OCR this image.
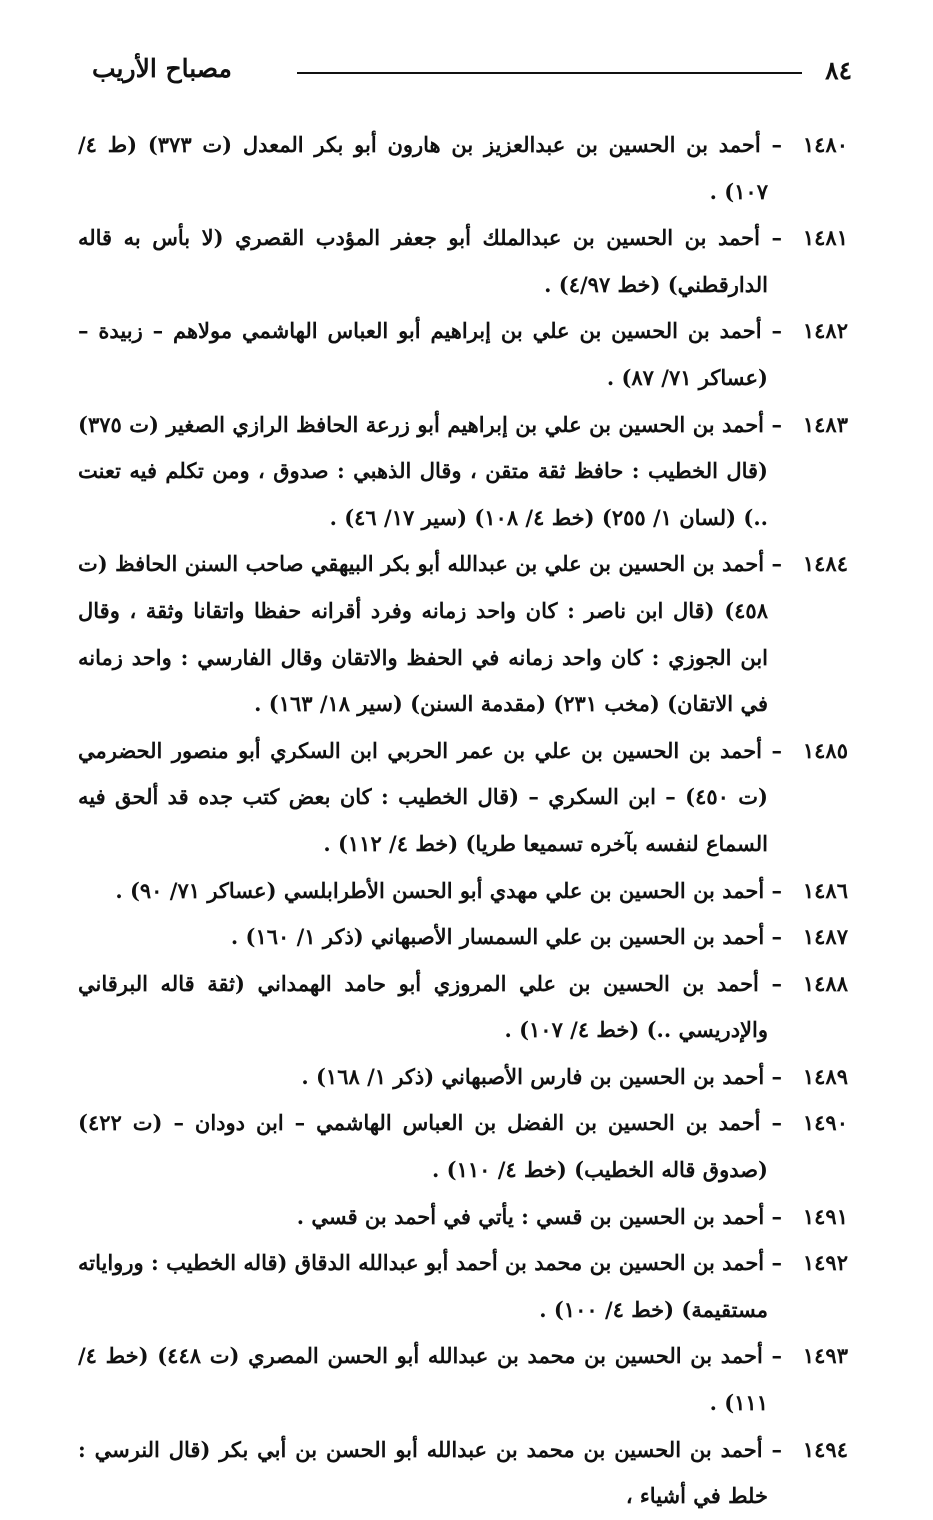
٨٤
مصباح الأريب

١٤٨٠– أحمد بن الحسين بن عبدالعزيز بن هارون أبو بكر المعدل (ت ٣٧٣) (ط ٤/ ١٠٧) .

١٤٨١– أحمد بن الحسين بن عبدالملك أبو جعفر المؤدب القصري (لا بأس به قاله الدارقطني) (خط ٤/٩٧) .

١٤٨٢– أحمد بن الحسين بن علي بن إبراهيم أبو العباس الهاشمي مولاهم – زبيدة – (عساكر ٧١/ ٨٧) .

١٤٨٣– أحمد بن الحسين بن علي بن إبراهيم أبو زرعة الحافظ الرازي الصغير (ت ٣٧٥) (قال الخطيب : حافظ ثقة متقن ، وقال الذهبي : صدوق ، ومن تكلم فيه تعنت ..) (لسان ١/ ٢٥٥) (خط ٤/ ١٠٨) (سير ١٧/ ٤٦) .

١٤٨٤– أحمد بن الحسين بن علي بن عبدالله أبو بكر البيهقي صاحب السنن الحافظ (ت ٤٥٨) (قال ابن ناصر : كان واحد زمانه وفرد أقرانه حفظا واتقانا وثقة ، وقال ابن الجوزي : كان واحد زمانه في الحفظ والاتقان وقال الفارسي : واحد زمانه في الاتقان) (مخب ٢٣١) (مقدمة السنن) (سير ١٨/ ١٦٣) .

١٤٨٥– أحمد بن الحسين بن علي بن عمر الحربي ابن السكري أبو منصور الحضرمي (ت ٤٥٠) – ابن السكري – (قال الخطيب : كان بعض كتب جده قد ألحق فيه السماع لنفسه بآخره تسميعا طريا) (خط ٤/ ١١٢) .

١٤٨٦– أحمد بن الحسين بن علي مهدي أبو الحسن الأطرابلسي (عساكر ٧١/ ٩٠) .

١٤٨٧– أحمد بن الحسين بن علي السمسار الأصبهاني (ذكر ١/ ١٦٠) .

١٤٨٨– أحمد بن الحسين بن علي المروزي أبو حامد الهمداني (ثقة قاله البرقاني والإدريسي ..) (خط ٤/ ١٠٧) .

١٤٨٩– أحمد بن الحسين بن فارس الأصبهاني (ذكر ١/ ١٦٨) .

١٤٩٠– أحمد بن الحسين بن الفضل بن العباس الهاشمي – ابن دودان – (ت ٤٢٢) (صدوق قاله الخطيب) (خط ٤/ ١١٠) .

١٤٩١– أحمد بن الحسين بن قسي : يأتي في أحمد بن قسي .

١٤٩٢– أحمد بن الحسين بن محمد بن أحمد أبو عبدالله الدقاق (قاله الخطيب : ورواياته مستقيمة) (خط ٤/ ١٠٠) .

١٤٩٣– أحمد بن الحسين بن محمد بن عبدالله أبو الحسن المصري (ت ٤٤٨) (خط ٤/ ١١١) .

١٤٩٤– أحمد بن الحسين بن محمد بن عبدالله أبو الحسن بن أبي بكر (قال النرسي : خلط في أشياء ،
